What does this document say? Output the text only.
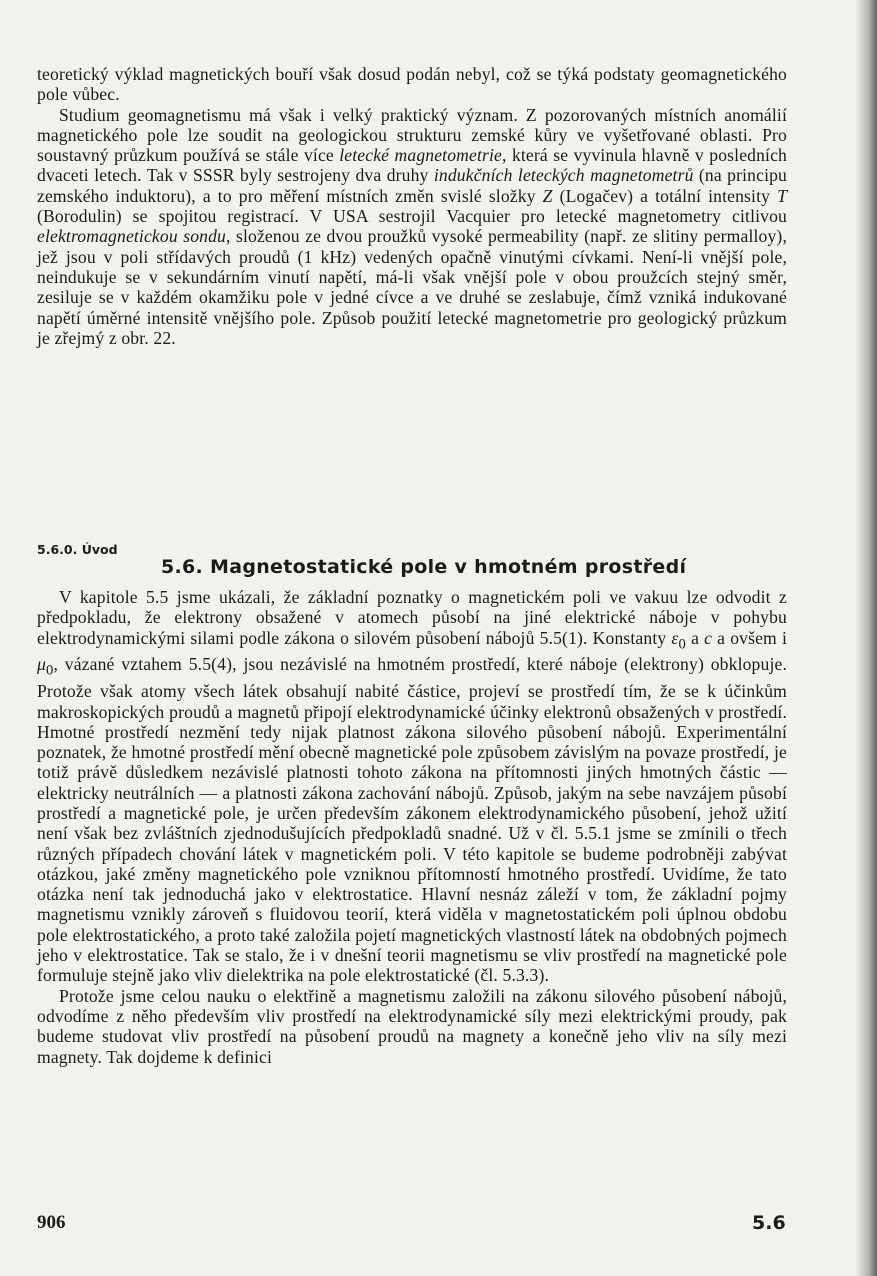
teoretický výklad magnetických bouří však dosud podán nebyl, což se týká podstaty geomagnetického pole vůbec.

Studium geomagnetismu má však i velký praktický význam. Z pozorovaných místních anomálií magnetického pole lze soudit na geologickou strukturu zemské kůry ve vyšetřované oblasti. Pro soustavný průzkum používá se stále více letecké magnetometrie, která se vyvinula hlavně v posledních dvaceti letech. Tak v SSSR byly sestrojeny dva druhy indukčních leteckých magnetometrů (na principu zemského induktoru), a to pro měření místních změn svislé složky Z (Logačev) a totální intensity T (Borodulin) se spojitou registrací. V USA sestrojil Vacquier pro letecké magnetometry citlivou elektromagnetickou sondu, složenou ze dvou proužků vysoké permeability (např. ze slitiny permalloy), jež jsou v poli střídavých proudů (1 kHz) vedených opačně vinutými cívkami. Není-li vnější pole, neindukuje se v sekundárním vinutí napětí, má-li však vnější pole v obou proužcích stejný směr, zesiluje se v každém okamžiku pole v jedné cívce a ve druhé se zeslabuje, čímž vzniká indukované napětí úměrné intensitě vnějšího pole. Způsob použití letecké magnetometrie pro geologický průzkum je zřejmý z obr. 22.

5.6. Magnetostatické pole v hmotném prostředí
5.6.0. Úvod

V kapitole 5.5 jsme ukázali, že základní poznatky o magnetickém poli ve vakuu lze odvodit z předpokladu, že elektrony obsažené v atomech působí na jiné elektrické náboje v pohybu elektrodynamickými silami podle zákona o silovém působení nábojů 5.5(1). Konstanty $\varepsilon_0$ a c a ovšem i $\mu_0$, vázané vztahem 5.5(4), jsou nezávislé na hmotném prostředí, které náboje (elektrony) obklopuje. Protože však atomy všech látek obsahují nabité částice, projeví se prostředí tím, že se k účinkům makroskopických proudů a magnetů připojí elektrodynamické účinky elektronů obsažených v prostředí. Hmotné prostředí nezmění tedy nijak platnost zákona silového působení nábojů. Experimentální poznatek, že hmotné prostředí mění obecně magnetické pole způsobem závislým na povaze prostředí, je totiž právě důsledkem nezávislé platnosti tohoto zákona na přítomnosti jiných hmotných částic — elektricky neutrálních — a platnosti zákona zachování nábojů. Způsob, jakým na sebe navzájem působí prostředí a magnetické pole, je určen především zákonem elektrodynamického působení, jehož užití není však bez zvláštních zjednodušujících předpokladů snadné. Už v čl. 5.5.1 jsme se zmínili o třech různých případech chování látek v magnetickém poli. V této kapitole se budeme podrobněji zabývat otázkou, jaké změny magnetického pole vzniknou přítomností hmotného prostředí. Uvidíme, že tato otázka není tak jednoduchá jako v elektrostatice. Hlavní nesnáz záleží v tom, že základní pojmy magnetismu vznikly zároveň s fluidovou teorií, která viděla v magnetostatickém poli úplnou obdobu pole elektrostatického, a proto také založila pojetí magnetických vlastností látek na obdobných pojmech jeho v elektrostatice. Tak se stalo, že i v dnešní teorii magnetismu se vliv prostředí na magnetické pole formuluje stejně jako vliv dielektrika na pole elektrostatické (čl. 5.3.3).

Protože jsme celou nauku o elektřině a magnetismu založili na zákonu silového působení nábojů, odvodíme z něho především vliv prostředí na elektrodynamické síly mezi elektrickými proudy, pak budeme studovat vliv prostředí na působení proudů na magnety a konečně jeho vliv na síly mezi magnety. Tak dojdeme k definici

906	5.6
